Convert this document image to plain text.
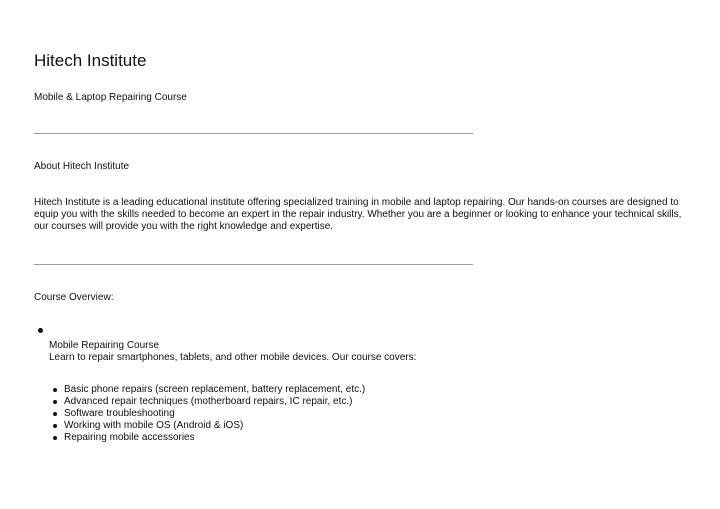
Hitech Institute

Mobile & Laptop Repairing Course

About Hitech Institute

Hitech Institute is a leading educational institute offering specialized training in mobile and laptop repairing. Our hands-on courses are designed to equip you with the skills needed to become an expert in the repair industry. Whether you are a beginner or looking to enhance your technical skills, our courses will provide you with the right knowledge and expertise.

Course Overview:

Mobile Repairing Course

Learn to repair smartphones, tablets, and other mobile devices. Our course covers:

Basic phone repairs (screen replacement, battery replacement, etc.)
Advanced repair techniques (motherboard repairs, IC repair, etc.)
Software troubleshooting
Working with mobile OS (Android & iOS)
Repairing mobile accessories
